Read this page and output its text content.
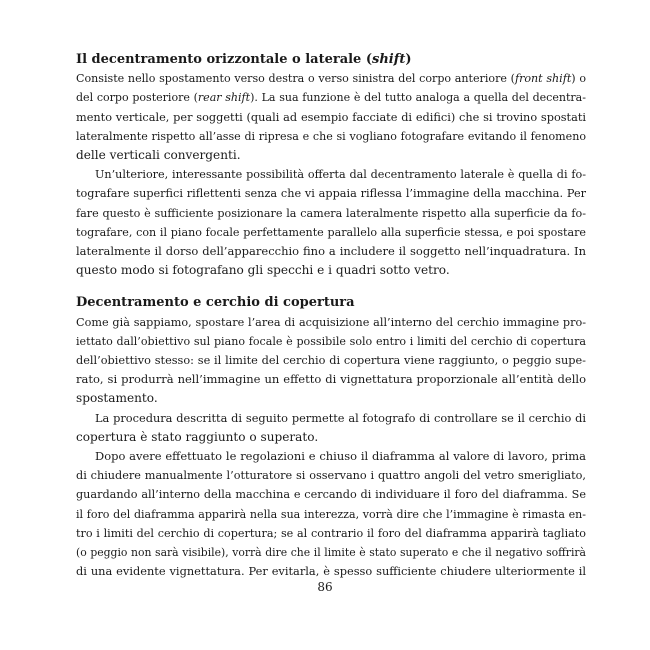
Il decentramento orizzontale o laterale (shift)
Consiste nello spostamento verso destra o verso sinistra del corpo anteriore (front shift) o
del corpo posteriore (rear shift). La sua funzione è del tutto analoga a quella del decentra-
mento verticale, per soggetti (quali ad esempio facciate di edifici) che si trovino spostati
lateralmente rispetto all’asse di ripresa e che si vogliano fotografare evitando il fenomeno
delle verticali convergenti.
Un’ulteriore, interessante possibilità offerta dal decentramento laterale è quella di fo-
tografare superfici riflettenti senza che vi appaia riflessa l’immagine della macchina. Per
fare questo è sufficiente posizionare la camera lateralmente rispetto alla superficie da fo-
tografare, con il piano focale perfettamente parallelo alla superficie stessa, e poi spostare
lateralmente il dorso dell’apparecchio fino a includere il soggetto nell’inquadratura. In
questo modo si fotografano gli specchi e i quadri sotto vetro.
Decentramento e cerchio di copertura
Come già sappiamo, spostare l’area di acquisizione all’interno del cerchio immagine pro-
iettato dall’obiettivo sul piano focale è possibile solo entro i limiti del cerchio di copertura
dell’obiettivo stesso: se il limite del cerchio di copertura viene raggiunto, o peggio supe-
rato, si produrrà nell’immagine un effetto di vignettatura proporzionale all’entità dello
spostamento.
La procedura descritta di seguito permette al fotografo di controllare se il cerchio di
copertura è stato raggiunto o superato.
Dopo avere effettuato le regolazioni e chiuso il diaframma al valore di lavoro, prima
di chiudere manualmente l’otturatore si osservano i quattro angoli del vetro smerigliato,
guardando all’interno della macchina e cercando di individuare il foro del diaframma. Se
il foro del diaframma apparirà nella sua interezza, vorrà dire che l’immagine è rimasta en-
tro i limiti del cerchio di copertura; se al contrario il foro del diaframma apparirà tagliato
(o peggio non sarà visibile), vorrà dire che il limite è stato superato e che il negativo soffrirà
di una evidente vignettatura. Per evitarla, è spesso sufficiente chiudere ulteriormente il
86
